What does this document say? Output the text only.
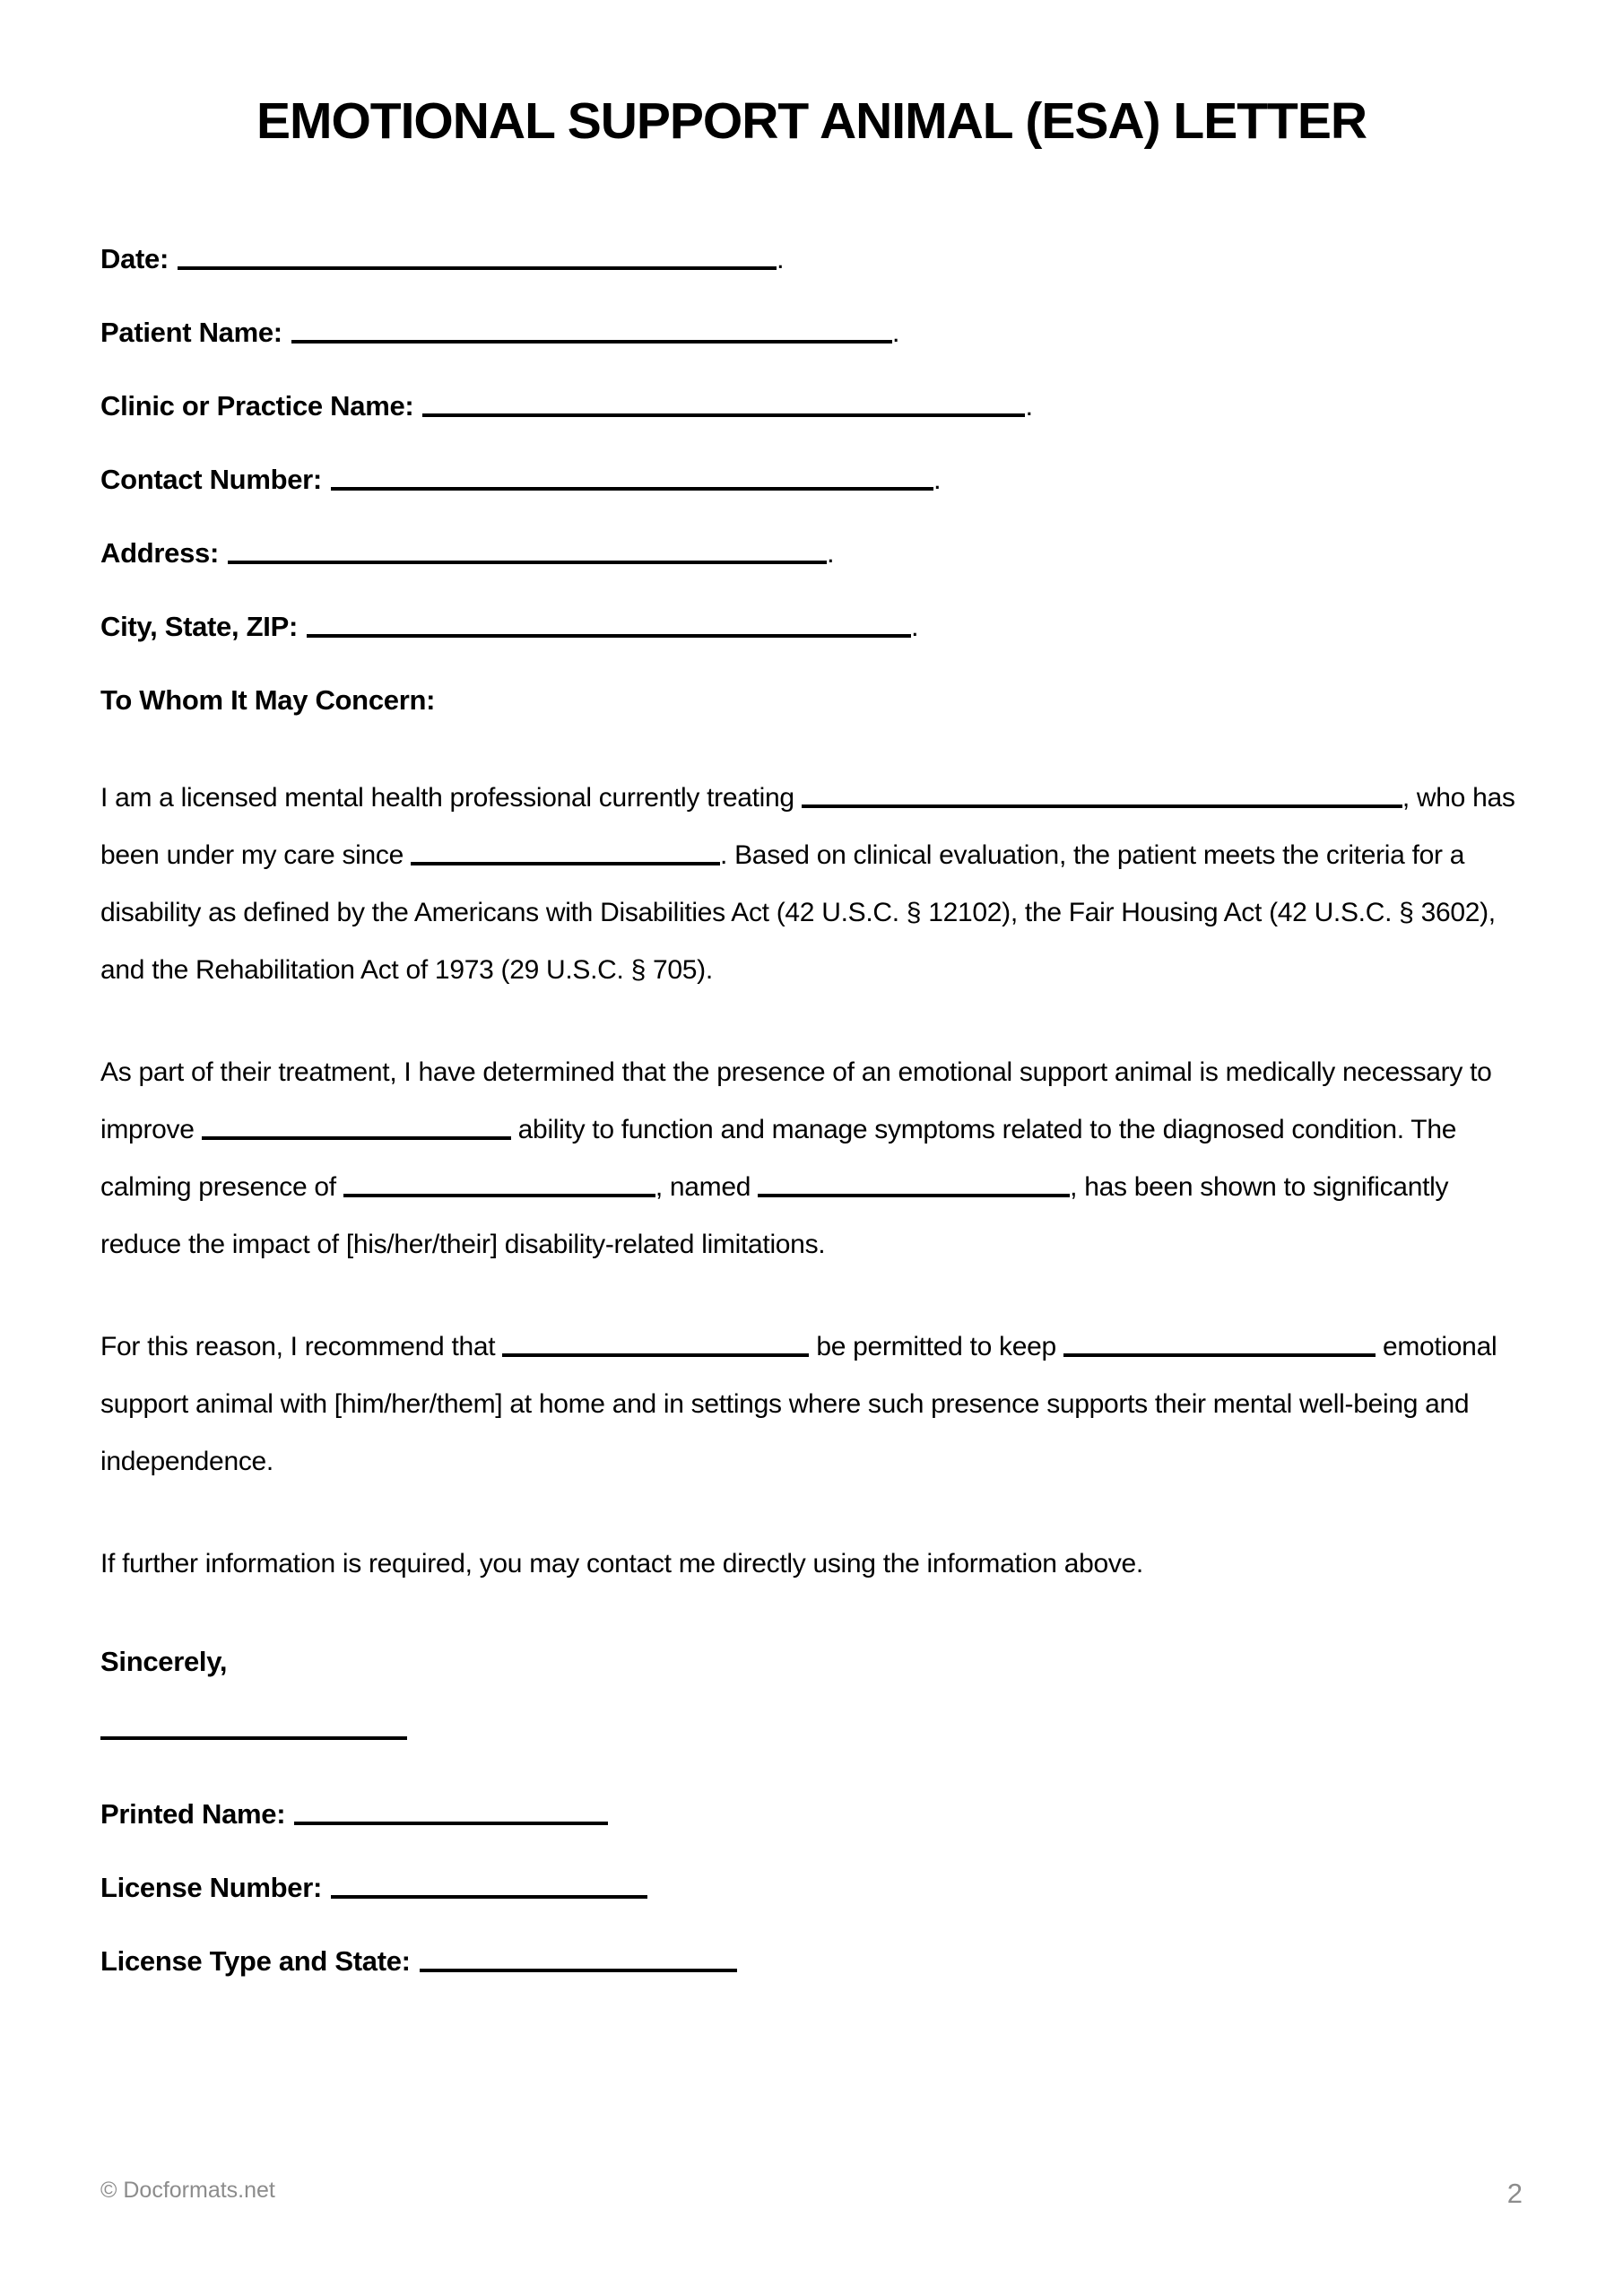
EMOTIONAL SUPPORT ANIMAL (ESA) LETTER
Date:	.
Patient Name:	.
Clinic or Practice Name:	.
Contact Number:	.
Address:	.
City, State, ZIP:	.
To Whom It May Concern:

I am a licensed mental health professional currently treating	, who has been under my care since	. Based on clinical evaluation, the patient meets the criteria for a disability as defined by the Americans with Disabilities Act (42 U.S.C. § 12102), the Fair Housing Act (42 U.S.C. § 3602), and the Rehabilitation Act of 1973 (29 U.S.C. § 705).

As part of their treatment, I have determined that the presence of an emotional support animal is medically necessary to improve	ability to function and manage symptoms related to the diagnosed condition. The calming presence of	, named	, has been shown to significantly reduce the impact of [his/her/their] disability-related limitations.

For this reason, I recommend that	be permitted to keep	emotional support animal with [him/her/them] at home and in settings where such presence supports their mental well-being and independence.

If further information is required, you may contact me directly using the information above.

Sincerely,
Printed Name:
License Number:
License Type and State:
© Docformats.net	2
